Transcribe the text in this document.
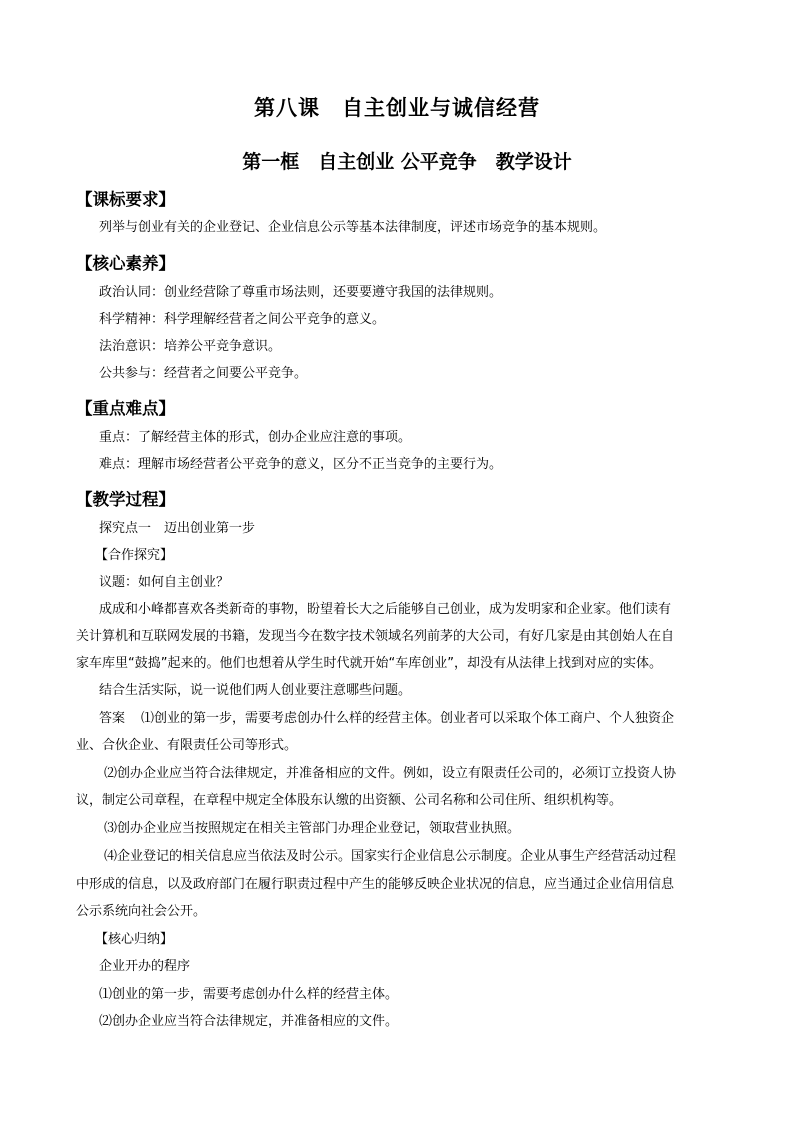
第八课　自主创业与诚信经营
第一框　自主创业 公平竞争　教学设计
【课标要求】
列举与创业有关的企业登记、企业信息公示等基本法律制度，评述市场竞争的基本规则。
【核心素养】
政治认同：创业经营除了尊重市场法则，还要要遵守我国的法律规则。
科学精神：科学理解经营者之间公平竞争的意义。
法治意识：培养公平竞争意识。
公共参与：经营者之间要公平竞争。
【重点难点】
重点：了解经营主体的形式，创办企业应注意的事项。
难点：理解市场经营者公平竞争的意义，区分不正当竞争的主要行为。
【教学过程】
探究点一　迈出创业第一步
【合作探究】
议题：如何自主创业？
成成和小峰都喜欢各类新奇的事物，盼望着长大之后能够自己创业，成为发明家和企业家。他们读有
关计算机和互联网发展的书籍，发现当今在数字技术领域名列前茅的大公司，有好几家是由其创始人在自
家车库里“鼓捣”起来的。他们也想着从学生时代就开始“车库创业”，却没有从法律上找到对应的实体。
结合生活实际，说一说他们两人创业要注意哪些问题。
答案 ⑴创业的第一步，需要考虑创办什么样的经营主体。创业者可以采取个体工商户、个人独资企
业、合伙企业、有限责任公司等形式。
⑵创办企业应当符合法律规定，并准备相应的文件。例如，设立有限责任公司的，必须订立投资人协
议，制定公司章程，在章程中规定全体股东认缴的出资额、公司名称和公司住所、组织机构等。
⑶创办企业应当按照规定在相关主管部门办理企业登记，领取营业执照。
⑷企业登记的相关信息应当依法及时公示。国家实行企业信息公示制度。企业从事生产经营活动过程
中形成的信息，以及政府部门在履行职责过程中产生的能够反映企业状况的信息，应当通过企业信用信息
公示系统向社会公开。
【核心归纳】
企业开办的程序
⑴创业的第一步，需要考虑创办什么样的经营主体。
⑵创办企业应当符合法律规定，并准备相应的文件。
